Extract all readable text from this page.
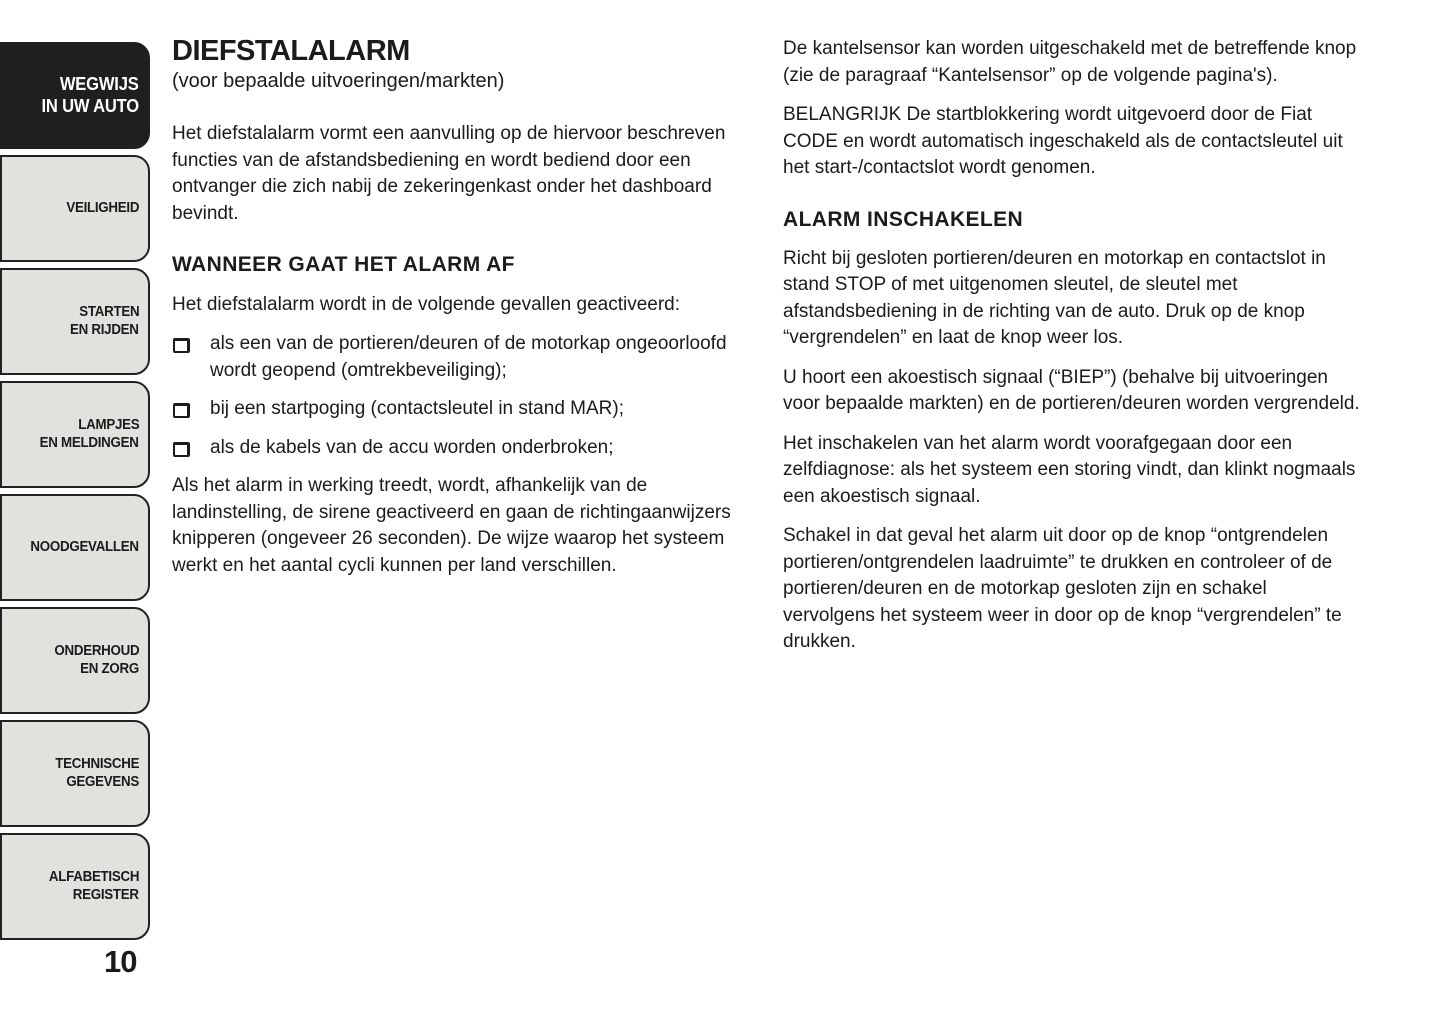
WEGWIJS
IN UW AUTO
VEILIGHEID
STARTEN
EN RIJDEN
LAMPJES
EN MELDINGEN
NOODGEVALLEN
ONDERHOUD
EN ZORG
TECHNISCHE
GEGEVENS
ALFABETISCH
REGISTER
10
DIEFSTALALARM
(voor bepaalde uitvoeringen/markten)

Het diefstalalarm vormt een aanvulling op de hiervoor beschreven functies van de afstandsbediening en wordt bediend door een ontvanger die zich nabij de zekeringenkast onder het dashboard bevindt.

WANNEER GAAT HET ALARM AF

Het diefstalalarm wordt in de volgende gevallen geactiveerd:

als een van de portieren/deuren of de motorkap ongeoorloofd wordt geopend (omtrekbeveiliging);
bij een startpoging (contactsleutel in stand MAR);
als de kabels van de accu worden onderbroken;

Als het alarm in werking treedt, wordt, afhankelijk van de landinstelling, de sirene geactiveerd en gaan de richtingaanwijzers knipperen (ongeveer 26 seconden). De wijze waarop het systeem werkt en het aantal cycli kunnen per land verschillen.

De kantelsensor kan worden uitgeschakeld met de betreffende knop (zie de paragraaf “Kantelsensor” op de volgende pagina's).

BELANGRIJK De startblokkering wordt uitgevoerd door de Fiat CODE en wordt automatisch ingeschakeld als de contactsleutel uit het start-/contactslot wordt genomen.

ALARM INSCHAKELEN

Richt bij gesloten portieren/deuren en motorkap en contactslot in stand STOP of met uitgenomen sleutel, de sleutel met afstandsbediening in de richting van de auto. Druk op de knop “vergrendelen” en laat de knop weer los.

U hoort een akoestisch signaal (“BIEP”) (behalve bij uitvoeringen voor bepaalde markten) en de portieren/deuren worden vergrendeld.

Het inschakelen van het alarm wordt voorafgegaan door een zelfdiagnose: als het systeem een storing vindt, dan klinkt nogmaals een akoestisch signaal.

Schakel in dat geval het alarm uit door op de knop “ontgrendelen portieren/ontgrendelen laadruimte” te drukken en controleer of de portieren/deuren en de motorkap gesloten zijn en schakel vervolgens het systeem weer in door op de knop “vergrendelen” te drukken.
